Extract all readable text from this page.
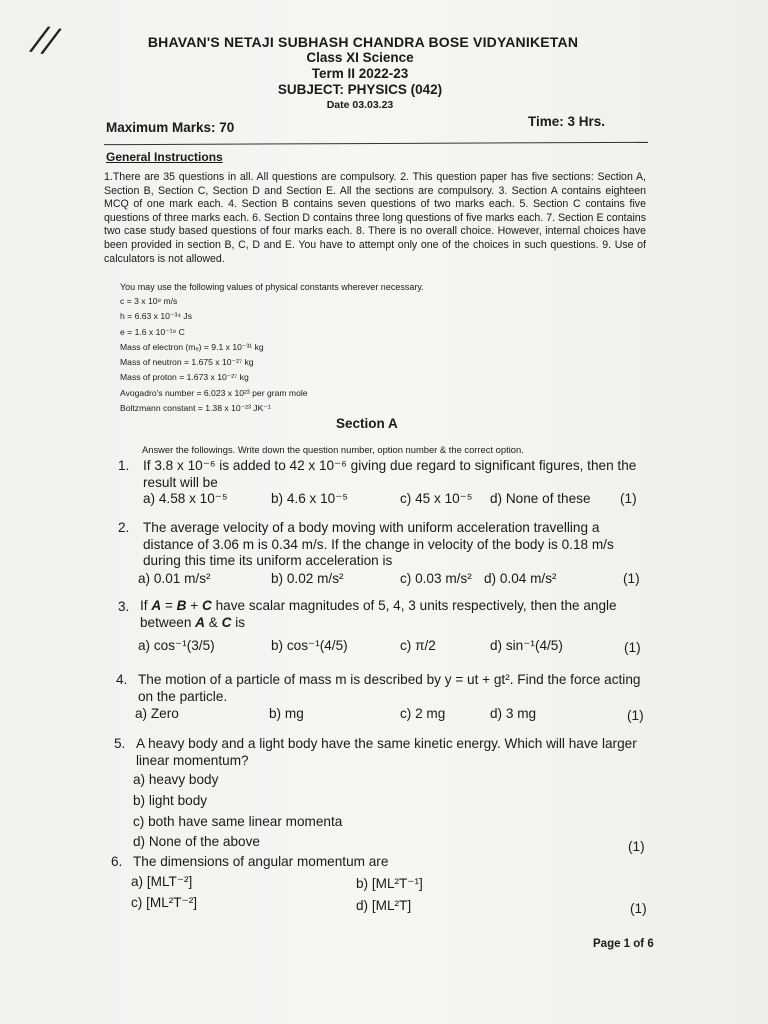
//	BHAVAN'S NETAJI SUBHASH CHANDRA BOSE VIDYANIKETAN
Class XI Science
Term II 2022-23
SUBJECT: PHYSICS (042)
Date 03.03.23
Maximum Marks: 70	Time: 3 Hrs.
General Instructions
1.There are 35 questions in all. All questions are compulsory. 2. This question paper has five sections: Section A, Section B, Section C, Section D and Section E. All the sections are compulsory. 3. Section A contains eighteen MCQ of one mark each. 4. Section B contains seven questions of two marks each. 5. Section C contains five questions of three marks each. 6. Section D contains three long questions of five marks each. 7. Section E contains two case study based questions of four marks each. 8. There is no overall choice. However, internal choices have been provided in section B, C, D and E. You have to attempt only one of the choices in such questions. 9. Use of calculators is not allowed.
You may use the following values of physical constants wherever necessary.
c = 3 x 10⁸ m/s
h = 6.63 x 10⁻³⁴ Js
e = 1.6 x 10⁻¹⁹ C
Mass of electron (mₑ) = 9.1 x 10⁻³¹ kg
Mass of neutron = 1.675 x 10⁻²⁷ kg
Mass of proton = 1.673 x 10⁻²⁷ kg
Avogadro's number = 6.023 x 10²³ per gram mole
Boltzmann constant = 1.38 x 10⁻²³ JK⁻¹
Section A
Answer the followings. Write down the question number, option number & the correct option.
1. If 3.8 x 10⁻⁶ is added to 42 x 10⁻⁶ giving due regard to significant figures, then the result will be
a) 4.58 x 10⁻⁵	b) 4.6 x 10⁻⁵	c) 45 x 10⁻⁵ d) None of these (1)
2. The average velocity of a body moving with uniform acceleration travelling a distance of 3.06 m is 0.34 m/s. If the change in velocity of the body is 0.18 m/s during this time its uniform acceleration is
a) 0.01 m/s²	b) 0.02 m/s²	c) 0.03 m/s² d) 0.04 m/s²	(1)
3. If A = B + C have scalar magnitudes of 5, 4, 3 units respectively, then the angle between A & C is
a) cos⁻¹(3/5)	b) cos⁻¹(4/5)	c) π/2	d) sin⁻¹(4/5)	(1)
4. The motion of a particle of mass m is described by y = ut + gt². Find the force acting on the particle.
a) Zero	b) mg	c) 2 mg	d) 3 mg	(1)
5. A heavy body and a light body have the same kinetic energy. Which will have larger linear momentum?
a) heavy body
b) light body
c) both have same linear momenta
d) None of the above	(1)
6. The dimensions of angular momentum are
a) [MLT⁻²]	b) [ML²T⁻¹]
c) [ML²T⁻²]	d) [ML²T]	(1)
Page 1 of 6
